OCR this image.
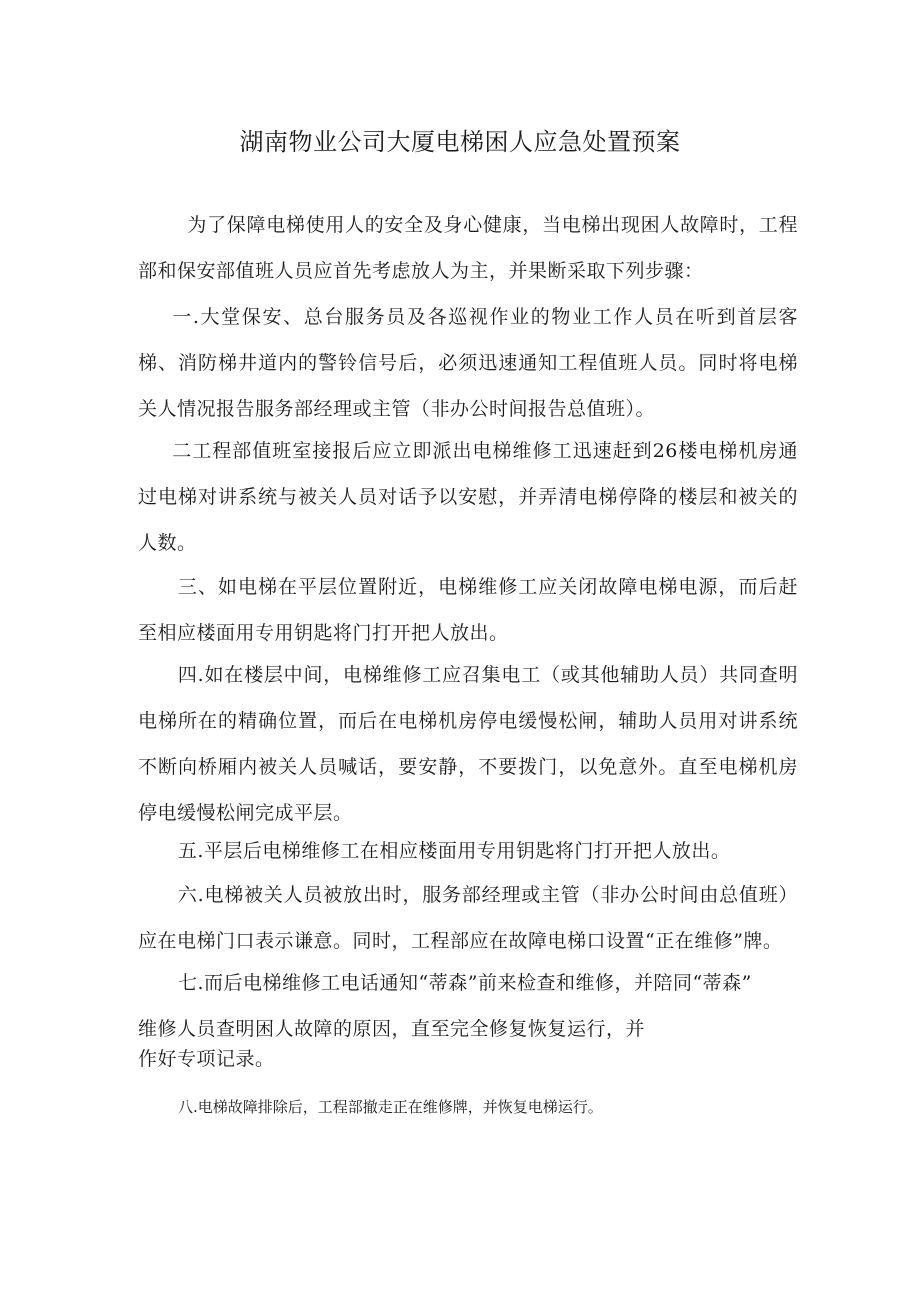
湖南物业公司大厦电梯困人应急处置预案

为了保障电梯使用人的安全及身心健康，当电梯出现困人故障时，工程部和保安部值班人员应首先考虑放人为主，并果断采取下列步骤：

一.大堂保安、总台服务员及各巡视作业的物业工作人员在听到首层客梯、消防梯井道内的警铃信号后，必须迅速通知工程值班人员。同时将电梯关人情况报告服务部经理或主管（非办公时间报告总值班）。

二工程部值班室接报后应立即派出电梯维修工迅速赶到26楼电梯机房通过电梯对讲系统与被关人员对话予以安慰，并弄清电梯停降的楼层和被关的人数。

三、如电梯在平层位置附近，电梯维修工应关闭故障电梯电源，而后赶至相应楼面用专用钥匙将门打开把人放出。

四.如在楼层中间，电梯维修工应召集电工（或其他辅助人员）共同查明电梯所在的精确位置，而后在电梯机房停电缓慢松闸，辅助人员用对讲系统不断向桥厢内被关人员喊话，要安静，不要拨门，以免意外。直至电梯机房停电缓慢松闸完成平层。

五.平层后电梯维修工在相应楼面用专用钥匙将门打开把人放出。

六.电梯被关人员被放出时，服务部经理或主管（非办公时间由总值班）应在电梯门口表示谦意。同时，工程部应在故障电梯口设置“正在维修”牌。

七.而后电梯维修工电话通知“蒂森”前来检查和维修，并陪同“蒂森”

维修人员查明困人故障的原因，直至完全修复恢复运行，并

作好专项记录。

八.电梯故障排除后，工程部撤走正在维修牌，并恢复电梯运行。
